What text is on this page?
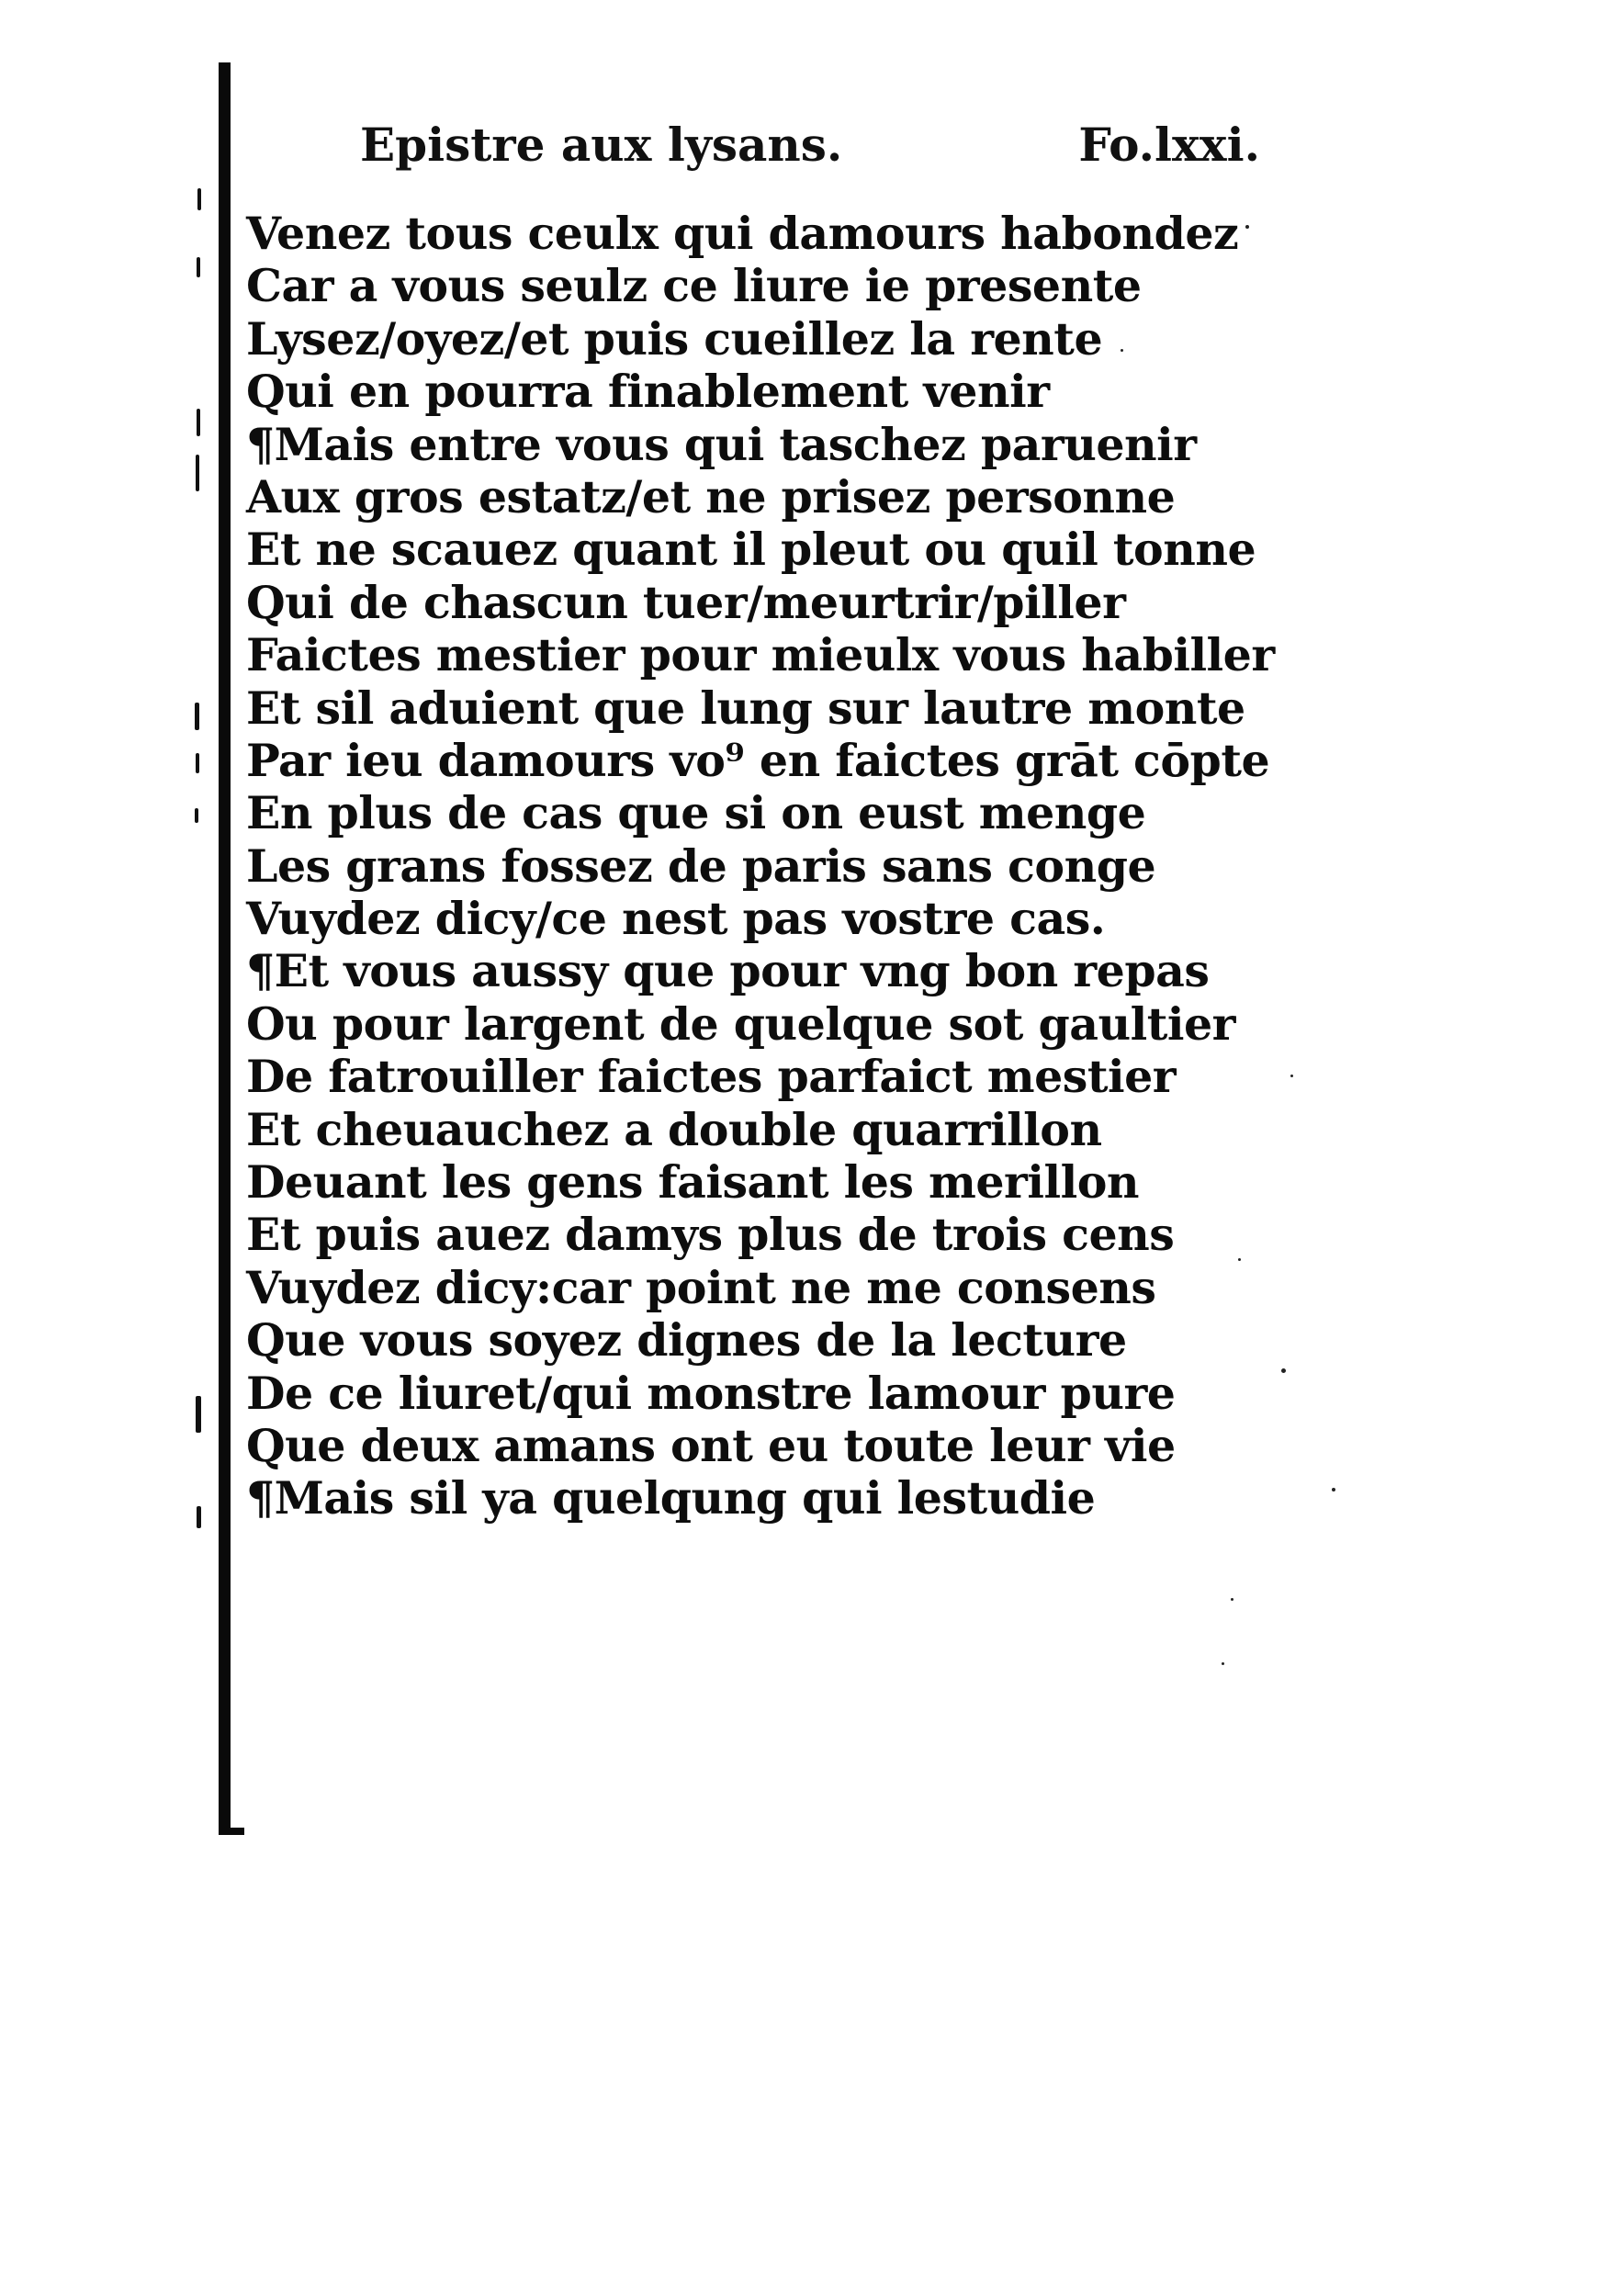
Epistre aux lysans.	Fo.lxxi.
Venez tous ceulx qui damours habondez
Car a vous seulz ce liure ie presente
Lysez/oyez/et puis cueillez la rente
Qui en pourra finablement venir
¶Mais entre vous qui taschez paruenir
Aux gros estatz/et ne prisez personne
Et ne scauez quant il pleut ou quil tonne
Qui de chascun tuer/meurtrir/piller
Faictes mestier pour mieulx vous habiller
Et sil aduient que lung sur lautre monte
Par ieu damours vo⁹ en faictes grāt cōpte
En plus de cas que si on eust menge
Les grans fossez de paris sans conge
Vuydez dicy/ce nest pas vostre cas.
¶Et vous aussy que pour vng bon repas
Ou pour largent de quelque sot gaultier
De fatrouiller faictes parfaict mestier
Et cheuauchez a double quarrillon
Deuant les gens faisant les merillon
Et puis auez damys plus de trois cens
Vuydez dicy:car point ne me consens
Que vous soyez dignes de la lecture
De ce liuret/qui monstre lamour pure
Que deux amans ont eu toute leur vie
¶Mais sil ya quelqung qui lestudie
